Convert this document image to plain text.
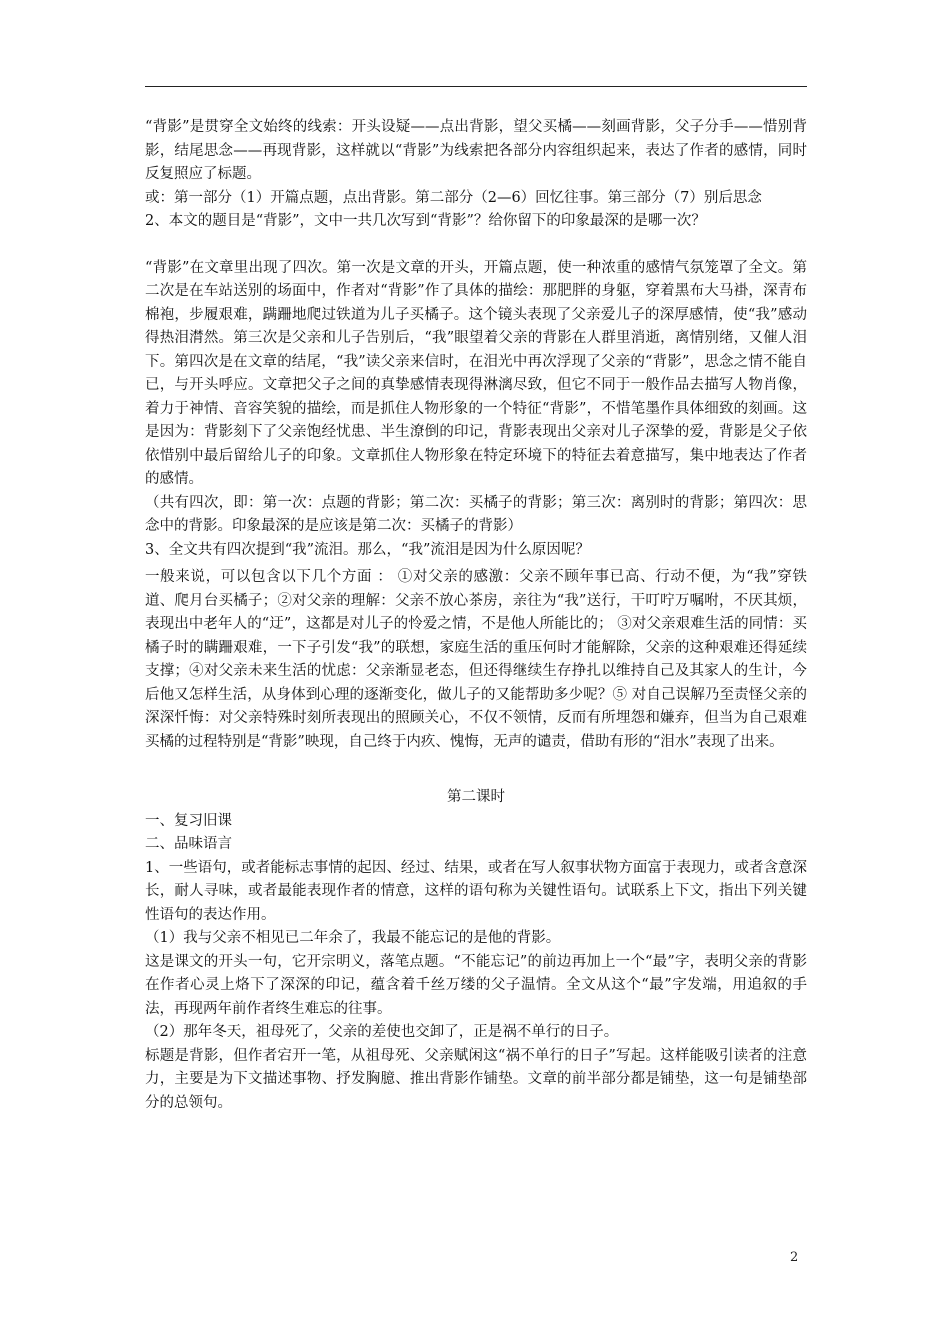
“背影”是贯穿全文始终的线索：开头设疑——点出背影，望父买橘——刻画背影，父子分手——惜别背影，结尾思念——再现背影，这样就以“背影”为线索把各部分内容组织起来，表达了作者的感情，同时反复照应了标题。

或：第一部分（1）开篇点题，点出背影。第二部分（2—6）回忆往事。第三部分（7）别后思念

2、本文的题目是“背影”，文中一共几次写到“背影”？给你留下的印象最深的是哪一次？

“背影”在文章里出现了四次。第一次是文章的开头，开篇点题，使一种浓重的感情气氛笼罩了全文。第二次是在车站送别的场面中，作者对“背影”作了具体的描绘：那肥胖的身躯，穿着黑布大马褂，深青布棉袍，步履艰难，蹒跚地爬过铁道为儿子买橘子。这个镜头表现了父亲爱儿子的深厚感情，使“我”感动得热泪潸然。第三次是父亲和儿子告别后，“我”眼望着父亲的背影在人群里消逝，离情别绪，又催人泪下。第四次是在文章的结尾，“我”读父亲来信时，在泪光中再次浮现了父亲的“背影”，思念之情不能自已，与开头呼应。文章把父子之间的真挚感情表现得淋漓尽致，但它不同于一般作品去描写人物肖像，着力于神情、音容笑貌的描绘，而是抓住人物形象的一个特征“背影”，不惜笔墨作具体细致的刻画。这是因为：背影刻下了父亲饱经忧患、半生潦倒的印记，背影表现出父亲对儿子深挚的爱，背影是父子依依惜别中最后留给儿子的印象。文章抓住人物形象在特定环境下的特征去着意描写，集中地表达了作者的感情。

（共有四次，即：第一次：点题的背影；第二次：买橘子的背影；第三次：离别时的背影；第四次：思念中的背影。印象最深的是应该是第二次：买橘子的背影）

3、全文共有四次提到“我”流泪。那么，“我”流泪是因为什么原因呢？

一般来说，可以包含以下几个方面 ： ①对父亲的感激：父亲不顾年事已高、行动不便，为“我”穿铁道、爬月台买橘子；②对父亲的理解：父亲不放心茶房，亲往为“我”送行，干叮咛万嘱咐，不厌其烦，表现出中老年人的“迂”，这都是对儿子的怜爱之情，不是他人所能比的； ③对父亲艰难生活的同情：买橘子时的瞒跚艰难，一下子引发“我”的联想，家庭生活的重压何时才能解除，父亲的这种艰难还得延续支撑；④对父亲未来生活的忧虑：父亲渐显老态，但还得继续生存挣扎以维持自己及其家人的生计，今后他又怎样生活，从身体到心理的逐渐变化，做儿子的又能帮助多少呢？⑤ 对自己误解乃至责怪父亲的深深忏悔：对父亲特殊时刻所表现出的照顾关心，不仅不领情，反而有所埋怨和嫌弃，但当为自己艰难买橘的过程特别是“背影”映现，自己终于内疚、愧悔，无声的谴责，借助有形的“泪水”表现了出来。

第二课时

一、复习旧课

二、品味语言

1、一些语句，或者能标志事情的起因、经过、结果，或者在写人叙事状物方面富于表现力，或者含意深长，耐人寻味，或者最能表现作者的情意，这样的语句称为关键性语句。试联系上下文，指出下列关键性语句的表达作用。

（1）我与父亲不相见已二年余了，我最不能忘记的是他的背影。

这是课文的开头一句，它开宗明义，落笔点题。“不能忘记”的前边再加上一个“最”字，表明父亲的背影在作者心灵上烙下了深深的印记，蕴含着千丝万缕的父子温情。全文从这个“最”字发端，用追叙的手法，再现两年前作者终生难忘的往事。

（2）那年冬天，祖母死了，父亲的差使也交卸了，正是祸不单行的日子。

标题是背影，但作者宕开一笔，从祖母死、父亲赋闲这“祸不单行的日子”写起。这样能吸引读者的注意力，主要是为下文描述事物、抒发胸臆、推出背影作铺垫。文章的前半部分都是铺垫，这一句是铺垫部分的总领句。

2
